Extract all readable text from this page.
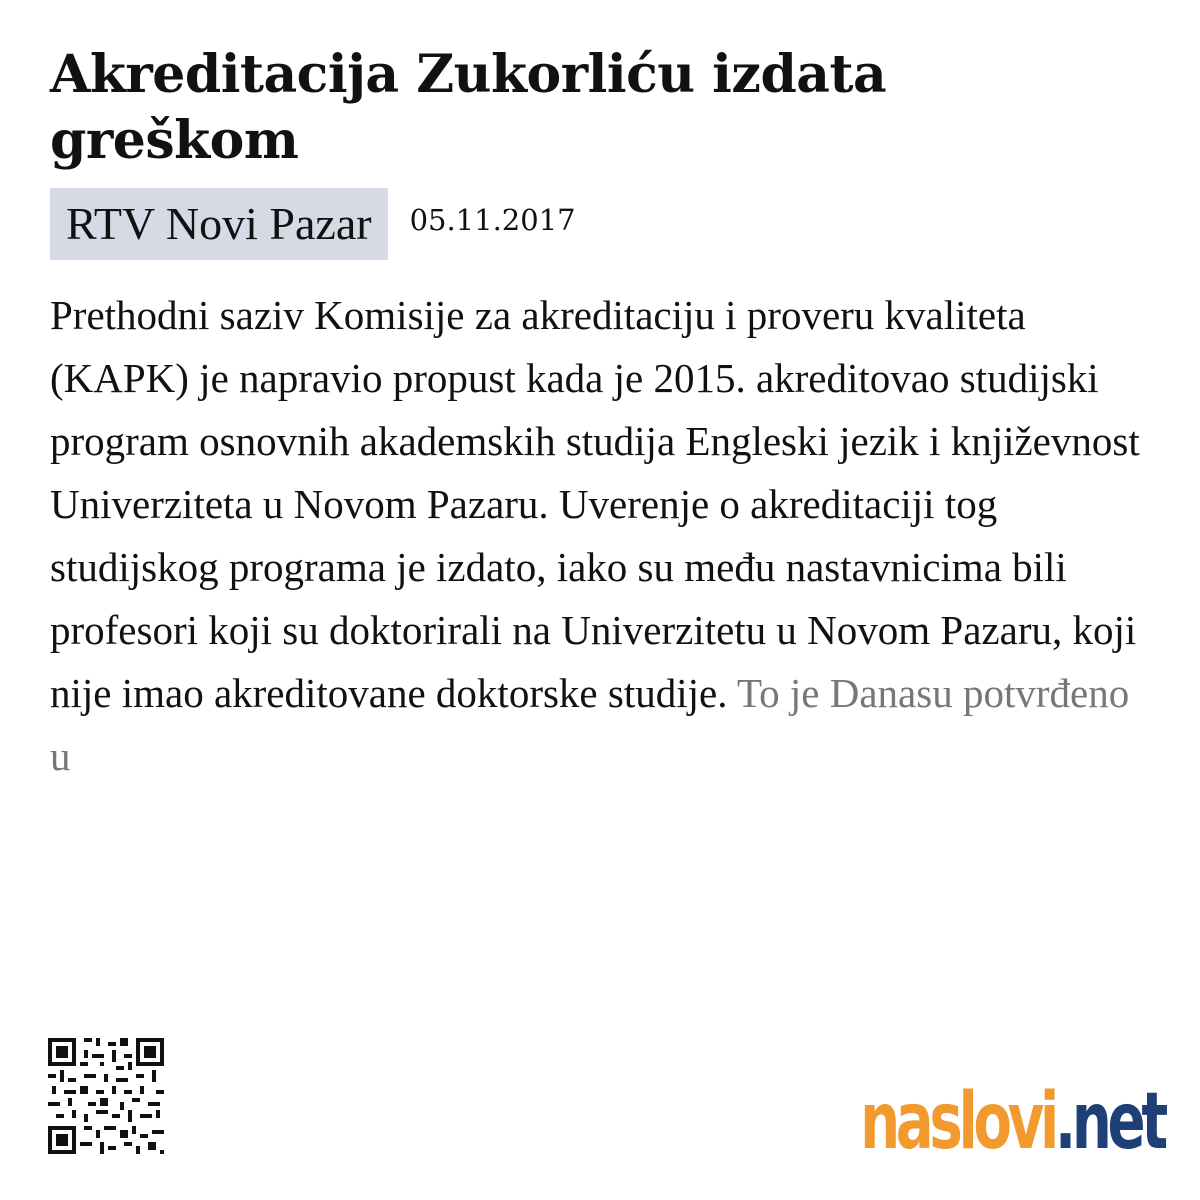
Akreditacija Zukorliću izdata greškom
RTV Novi Pazar	05.11.2017
Prethodni saziv Komisije za akreditaciju i proveru kvaliteta (KAPK) je napravio propust kada je 2015. akreditovao studijski program osnovnih akademskih studija Engleski jezik i književnost Univerziteta u Novom Pazaru. Uverenje o akreditaciji tog studijskog programa je izdato, iako su među nastavnicima bili profesori koji su doktorirali na Univerzitetu u Novom Pazaru, koji nije imao akreditovane doktorske studije. To je Danasu potvrđeno u
naslovi.net
